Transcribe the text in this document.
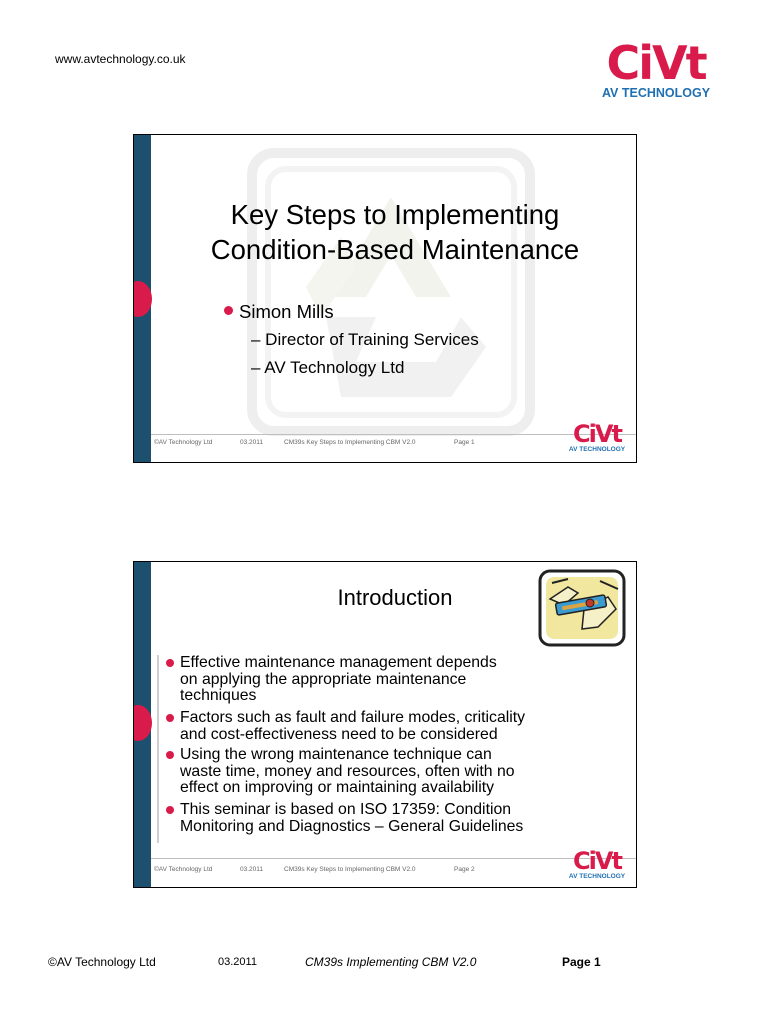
www.avtechnology.co.uk	CiVt
AV TECHNOLOGY
Key Steps to Implementing
Condition-Based Maintenance
Simon Mills
– Director of Training Services
– AV Technology Ltd
©AV Technology Ltd	03.2011	CM39s Key Steps to Implementing CBM V2.0	Page 1	CiVt
AV TECHNOLOGY
Introduction
Effective maintenance management depends
on applying the appropriate maintenance
techniques
Factors such as fault and failure modes, criticality
and cost-effectiveness need to be considered
Using the wrong maintenance technique can
waste time, money and resources, often with no
effect on improving or maintaining availability
This seminar is based on ISO 17359: Condition
Monitoring and Diagnostics – General Guidelines
©AV Technology Ltd	03.2011	CM39s Key Steps to Implementing CBM V2.0	Page 2	CiVt
AV TECHNOLOGY
©AV Technology Ltd	03.2011	CM39s Implementing CBM V2.0	Page 1
